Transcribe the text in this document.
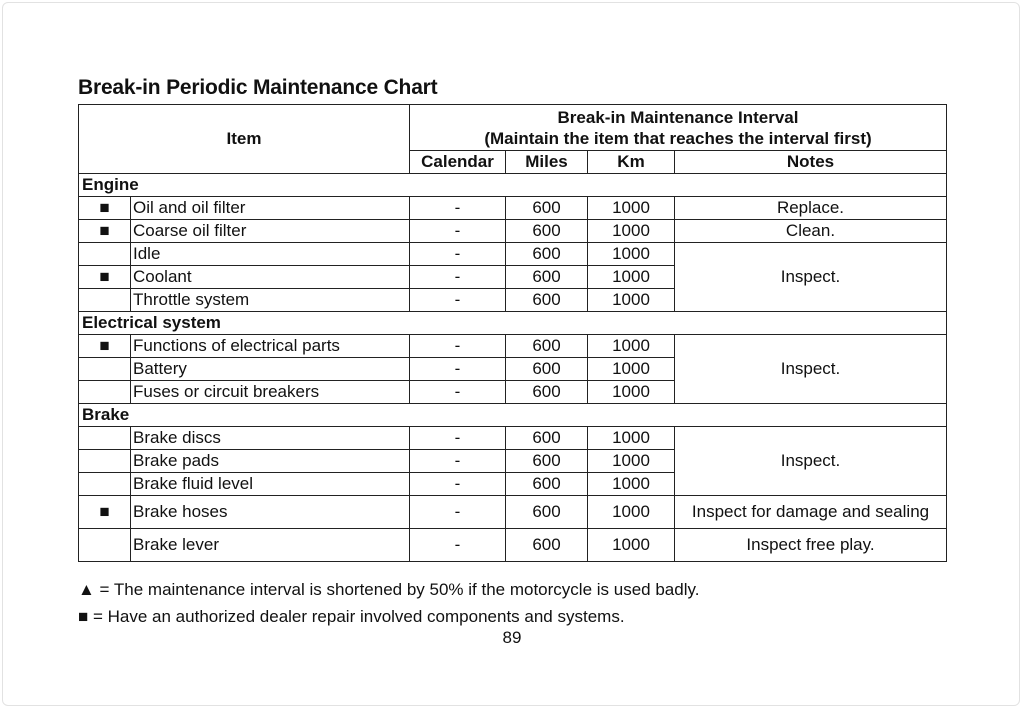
Break-in Periodic Maintenance Chart
Item		Break-in Maintenance Interval
(Maintain the item that reaches the interval first)			
		Calendar	Miles	Km	Notes
Engine					
■	Oil and oil filter	-	600	1000	Replace.
■	Coarse oil filter	-	600	1000	Clean.
	Idle	-	600	1000	Inspect.
■	Coolant	-	600	1000	
	Throttle system	-	600	1000	
Electrical system					
■	Functions of electrical parts	-	600	1000	Inspect.
	Battery	-	600	1000	
	Fuses or circuit breakers	-	600	1000	
Brake					
	Brake discs	-	600	1000	Inspect.
	Brake pads	-	600	1000	
	Brake fluid level	-	600	1000	
■	Brake hoses	-	600	1000	Inspect for damage and sealing
	Brake lever	-	600	1000	Inspect free play.
▲ = The maintenance interval is shortened by 50% if the motorcycle is used badly.
■ = Have an authorized dealer repair involved components and systems.
89
